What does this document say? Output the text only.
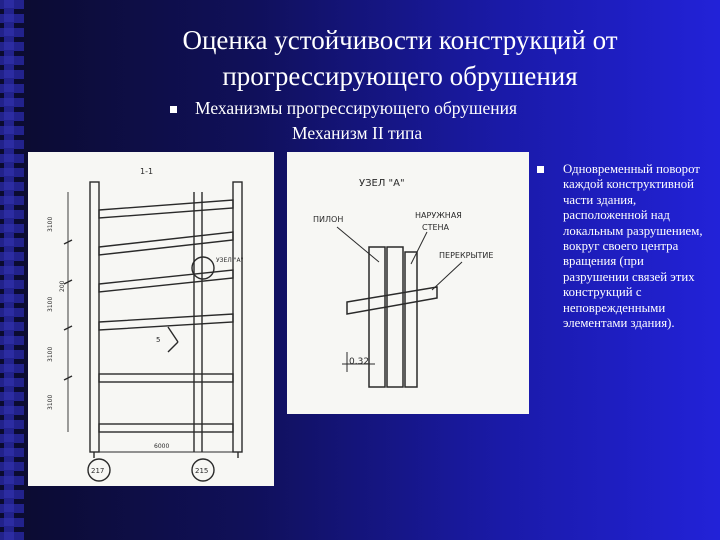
Оценка устойчивости конструкций от прогрессирующего обрушения
Механизмы прогрессирующего обрушения
Механизм II типа
1-1
УЗЕЛ "А"
3100
3100
3100
3100
200
6000
217	215
5
УЗЕЛ "А"
ПИЛОН	НАРУЖНАЯ
СТЕНА
ПЕРЕКРЫТИЕ
0.32
Одновременный поворот каждой конструктивной части здания, расположенной над локальным разрушением, вокруг своего центра вращения (при разрушении связей этих конструкций с неповрежденными элементами здания).
